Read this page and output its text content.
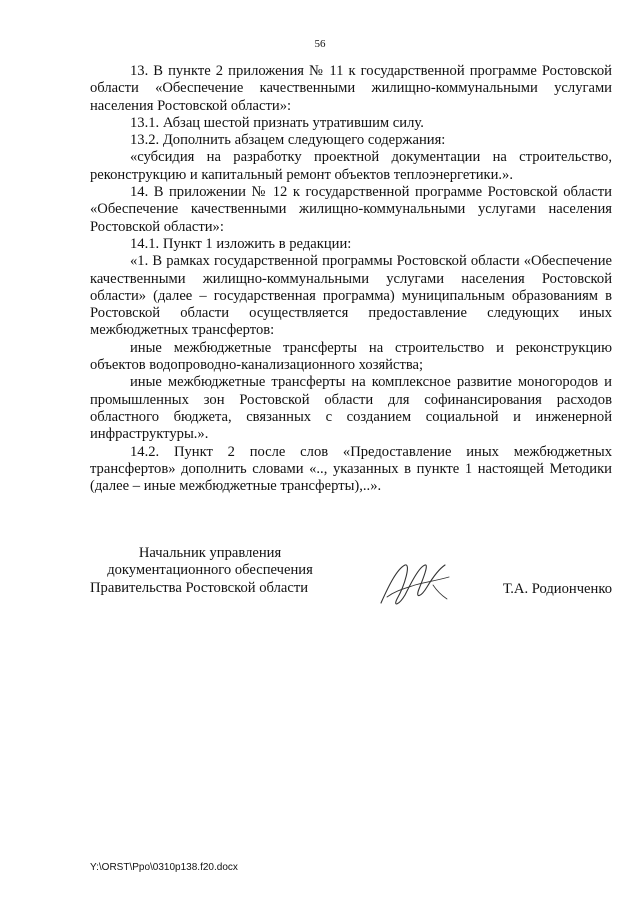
56

13. В пункте 2 приложения № 11 к государственной программе Ростовской области «Обеспечение качественными жилищно-коммунальными услугами населения Ростовской области»:

13.1. Абзац шестой признать утратившим силу.

13.2. Дополнить абзацем следующего содержания:

«субсидия на разработку проектной документации на строительство, реконструкцию и капитальный ремонт объектов теплоэнергетики.».

14. В приложении № 12 к государственной программе Ростовской области «Обеспечение качественными жилищно-коммунальными услугами населения Ростовской области»:

14.1. Пункт 1 изложить в редакции:

«1. В рамках государственной программы Ростовской области «Обеспечение качественными жилищно-коммунальными услугами населения Ростовской области» (далее – государственная программа) муниципальным образованиям в Ростовской области осуществляется предоставление следующих иных межбюджетных трансфертов:

иные межбюджетные трансферты на строительство и реконструкцию объектов водопроводно-канализационного хозяйства;

иные межбюджетные трансферты на комплексное развитие моногородов и промышленных зон Ростовской области для софинансирования расходов областного бюджета, связанных с созданием социальной и инженерной инфраструктуры.».

14.2. Пункт 2 после слов «Предоставление иных межбюджетных трансфертов» дополнить словами «.., указанных в пункте 1 настоящей Методики (далее – иные межбюджетные трансферты),..».

Начальник управления
документационного обеспечения
Правительства Ростовской области	Т.А. Родионченко
Y:\ORST\Ppo\0310p138.f20.docx
